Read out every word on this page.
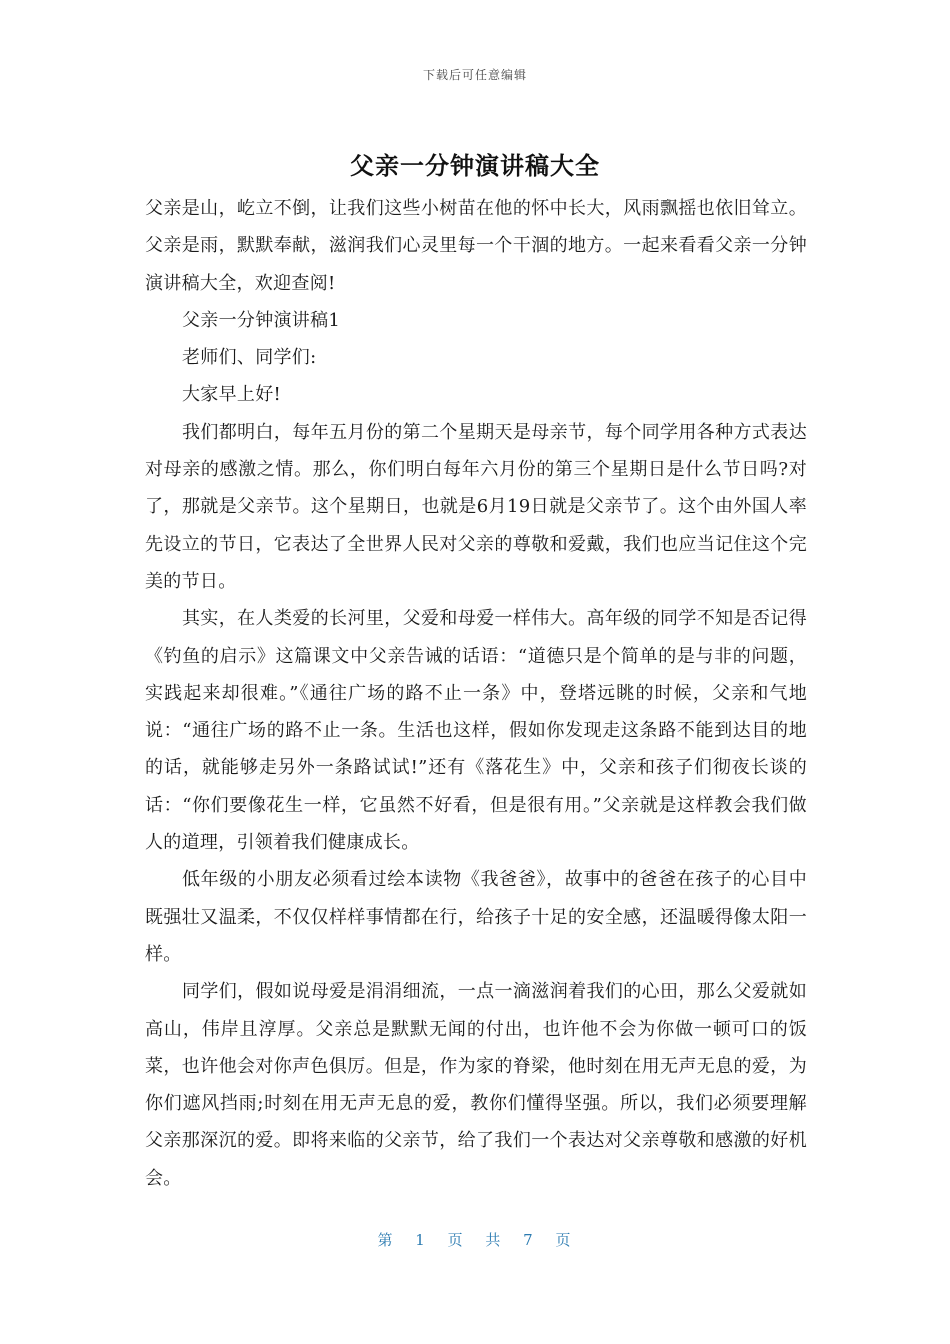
下载后可任意编辑
父亲一分钟演讲稿大全

父亲是山，屹立不倒，让我们这些小树苗在他的怀中长大，风雨飘摇也依旧耸立。父亲是雨，默默奉献，滋润我们心灵里每一个干涸的地方。一起来看看父亲一分钟演讲稿大全，欢迎查阅!

父亲一分钟演讲稿1

老师们、同学们:

大家早上好!

我们都明白，每年五月份的第二个星期天是母亲节，每个同学用各种方式表达对母亲的感激之情。那么，你们明白每年六月份的第三个星期日是什么节日吗?对了，那就是父亲节。这个星期日，也就是6月19日就是父亲节了。这个由外国人率先设立的节日，它表达了全世界人民对父亲的尊敬和爱戴，我们也应当记住这个完美的节日。

其实，在人类爱的长河里，父爱和母爱一样伟大。高年级的同学不知是否记得《钓鱼的启示》这篇课文中父亲告诫的话语：“道德只是个简单的是与非的问题，实践起来却很难。”《通往广场的路不止一条》中，登塔远眺的时候，父亲和气地说：“通往广场的路不止一条。生活也这样，假如你发现走这条路不能到达目的地的话，就能够走另外一条路试试!”还有《落花生》中，父亲和孩子们彻夜长谈的话：“你们要像花生一样，它虽然不好看，但是很有用。”父亲就是这样教会我们做人的道理，引领着我们健康成长。

低年级的小朋友必须看过绘本读物《我爸爸》，故事中的爸爸在孩子的心目中既强壮又温柔，不仅仅样样事情都在行，给孩子十足的安全感，还温暖得像太阳一样。

同学们，假如说母爱是涓涓细流，一点一滴滋润着我们的心田，那么父爱就如高山，伟岸且淳厚。父亲总是默默无闻的付出，也许他不会为你做一顿可口的饭菜，也许他会对你声色俱厉。但是，作为家的脊梁，他时刻在用无声无息的爱，为你们遮风挡雨;时刻在用无声无息的爱，教你们懂得坚强。所以，我们必须要理解父亲那深沉的爱。即将来临的父亲节，给了我们一个表达对父亲尊敬和感激的好机会。

第 1 页 共 7 页
